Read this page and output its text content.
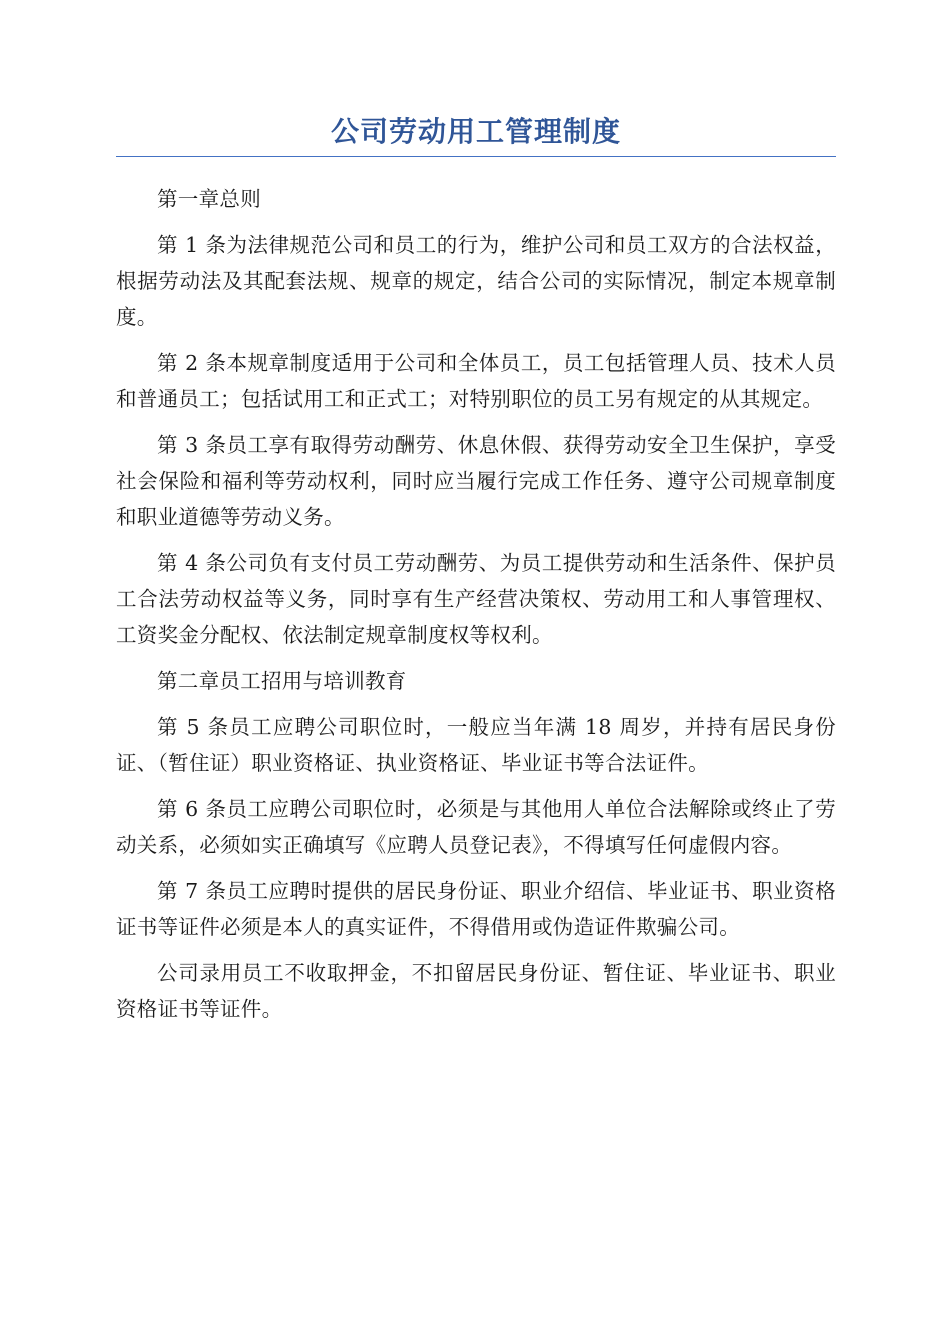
公司劳动用工管理制度

第一章总则

第 1 条为法律规范公司和员工的行为，维护公司和员工双方的合法权益，根据劳动法及其配套法规、规章的规定，结合公司的实际情况，制定本规章制度。

第 2 条本规章制度适用于公司和全体员工，员工包括管理人员、技术人员和普通员工；包括试用工和正式工；对特别职位的员工另有规定的从其规定。

第 3 条员工享有取得劳动酬劳、休息休假、获得劳动安全卫生保护，享受社会保险和福利等劳动权利，同时应当履行完成工作任务、遵守公司规章制度和职业道德等劳动义务。

第 4 条公司负有支付员工劳动酬劳、为员工提供劳动和生活条件、保护员工合法劳动权益等义务，同时享有生产经营决策权、劳动用工和人事管理权、工资奖金分配权、依法制定规章制度权等权利。

第二章员工招用与培训教育

第 5 条员工应聘公司职位时，一般应当年满 18 周岁，并持有居民身份证、（暂住证）职业资格证、执业资格证、毕业证书等合法证件。

第 6 条员工应聘公司职位时，必须是与其他用人单位合法解除或终止了劳动关系，必须如实正确填写《应聘人员登记表》，不得填写任何虚假内容。

第 7 条员工应聘时提供的居民身份证、职业介绍信、毕业证书、职业资格证书等证件必须是本人的真实证件，不得借用或伪造证件欺骗公司。

公司录用员工不收取押金，不扣留居民身份证、暂住证、毕业证书、职业资格证书等证件。
